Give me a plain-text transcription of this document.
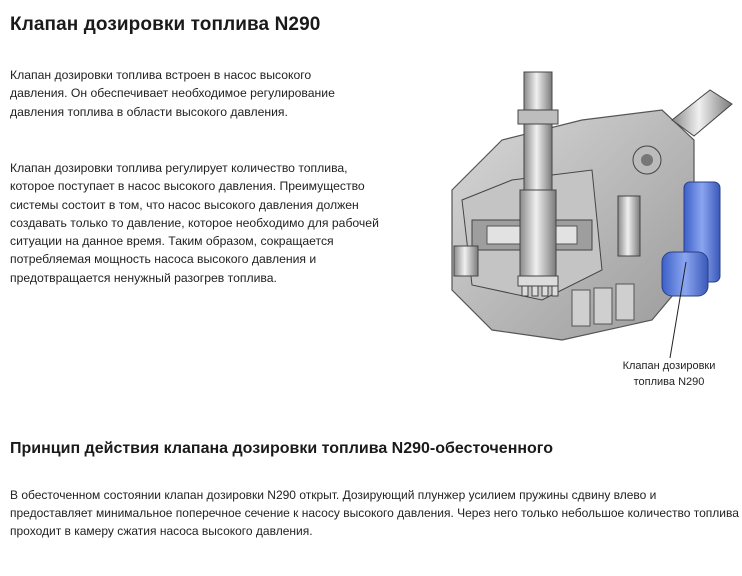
Клапан дозировки топлива N290

Клапан дозировки топлива встроен в насос высокого давления. Он обеспечивает необходимое регулирование давления топлива в области высокого давления.

Клапан дозировки топлива регулирует количество топлива, которое поступает в насос высокого давления. Преимущество системы состоит в том, что насос высокого давления должен создавать только то давление, которое необходимо для рабочей ситуации на данное время. Таким образом, сокращается потребляемая мощность насоса высокого давления и предотвращается ненужный разогрев топлива.

Клапан дозировки
топлива N290
Принцип действия клапана дозировки топлива N290-обесточенного

В обесточенном состоянии клапан дозировки N290 открыт. Дозирующий плунжер усилием пружины сдвину влево и предоставляет минимальное поперечное сечение к насосу высокого давления. Через него только небольшое количество топлива проходит в камеру сжатия насоса высокого давления.
